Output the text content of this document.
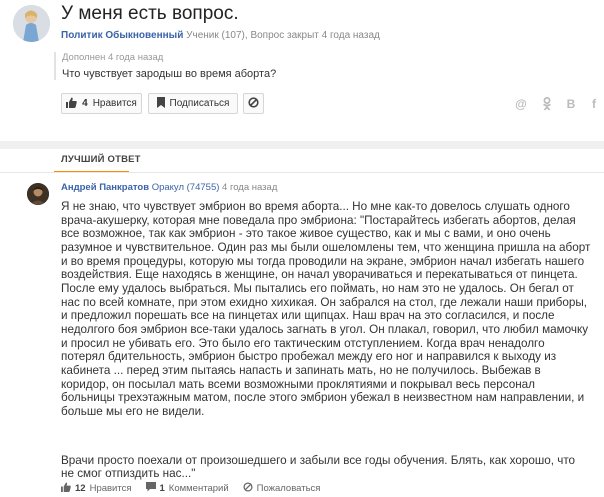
У меня есть вопрос.
Политик Обыкновенный Ученик (107), Вопрос закрыт 4 года назад
Дополнен 4 года назад
Что чувствует зародыш во время аборта?
4 Нравится	Подписаться	@	B	f
ЛУЧШИЙ ОТВЕТ
Андрей Панкратов Оракул (74755) 4 года назад

Я не знаю, что чувствует эмбрион во время аборта... Но мне как-то довелось слушать одного врача-акушерку, которая мне поведала про эмбриона: "Постарайтесь избегать абортов, делая все возможное, так как эмбрион - это такое живое существо, как и мы с вами, и оно очень разумное и чувствительное. Один раз мы были ошеломлены тем, что женщина пришла на аборт и во время процедуры, которую мы тогда проводили на экране, эмбрион начал избегать нашего воздействия. Еще находясь в женщине, он начал уворачиваться и перекатываться от пинцета. После ему удалось выбраться. Мы пытались его поймать, но нам это не удалось. Он бегал от нас по всей комнате, при этом ехидно хихикая. Он забрался на стол, где лежали наши приборы, и предложил порешать все на пинцетах или щипцах. Наш врач на это согласился, и после недолгого боя эмбрион все-таки удалось загнать в угол. Он плакал, говорил, что любил мамочку и просил не убивать его. Это было его тактическим отступлением. Когда врач ненадолго потерял бдительность, эмбрион быстро пробежал между его ног и направился к выходу из кабинета ... перед этим пытаясь напасть и запинать мать, но не получилось. Выбежав в коридор, он посылал мать всеми возможными проклятиями и покрывал весь персонал больницы трехэтажным матом, после этого эмбрион убежал в неизвестном нам направлении, и больше мы его не видели.

Врачи просто поехали от произошедшего и забыли все годы обучения. Блять, как хорошо, что не смог отпиздить нас..."

12 Нравится	1 Комментарий	Пожаловаться
